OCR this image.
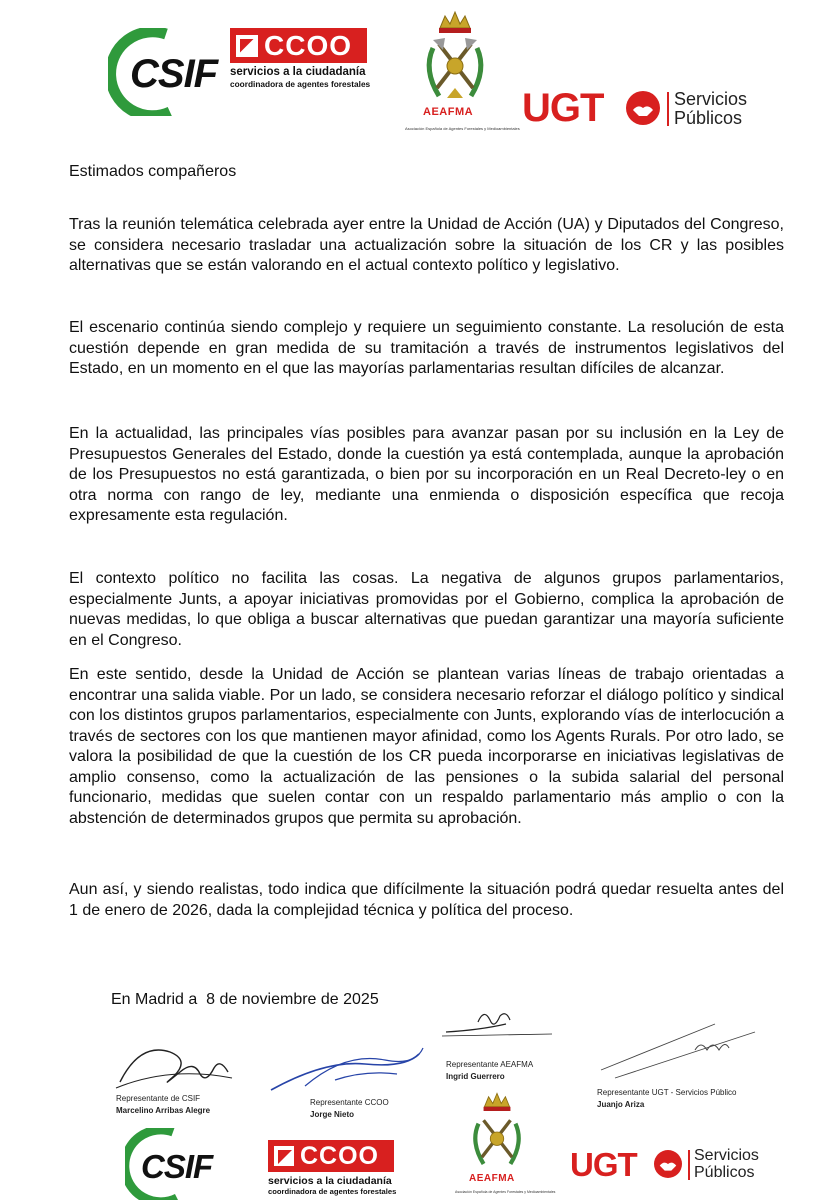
CSIF
CCOO
servicios a la ciudadanía
coordinadora de agentes forestales
AEAFMA
Asociación Española de Agentes Forestales y Medioambientales UGT	Servicios
Públicos
Estimados compañeros

Tras la reunión telemática celebrada ayer entre la Unidad de Acción (UA) y Diputados del Congreso, se considera necesario trasladar una actualización sobre la situación de los CR y las posibles alternativas que se están valorando en el actual contexto político y legislativo.

El escenario continúa siendo complejo y requiere un seguimiento constante. La resolución de esta cuestión depende en gran medida de su tramitación a través de instrumentos legislativos del Estado, en un momento en el que las mayorías parlamentarias resultan difíciles de alcanzar.

En la actualidad, las principales vías posibles para avanzar pasan por su inclusión en la Ley de Presupuestos Generales del Estado, donde la cuestión ya está contemplada, aunque la aprobación de los Presupuestos no está garantizada, o bien por su incorporación en un Real Decreto-ley o en otra norma con rango de ley, mediante una enmienda o disposición específica que recoja expresamente esta regulación.

El contexto político no facilita las cosas. La negativa de algunos grupos parlamentarios, especialmente Junts, a apoyar iniciativas promovidas por el Gobierno, complica la aprobación de nuevas medidas, lo que obliga a buscar alternativas que puedan garantizar una mayoría suficiente en el Congreso.

En este sentido, desde la Unidad de Acción se plantean varias líneas de trabajo orientadas a encontrar una salida viable. Por un lado, se considera necesario reforzar el diálogo político y sindical con los distintos grupos parlamentarios, especialmente con Junts, explorando vías de interlocución a través de sectores con los que mantienen mayor afinidad, como los Agents Rurals. Por otro lado, se valora la posibilidad de que la cuestión de los CR pueda incorporarse en iniciativas legislativas de amplio consenso, como la actualización de las pensiones o la subida salarial del personal funcionario, medidas que suelen contar con un respaldo parlamentario más amplio o con la abstención de determinados grupos que permita su aprobación.

Aun así, y siendo realistas, todo indica que difícilmente la situación podrá quedar resuelta antes del 1 de enero de 2026, dada la complejidad técnica y política del proceso.

En Madrid a  8 de noviembre de 2025
Representante de CSIF
Marcelino Arribas Alegre
Representante CCOO
Jorge Nieto
Representante AEAFMA
Ingrid Guerrero
Representante UGT - Servicios Público
Juanjo Ariza
CSIF	CCOO
servicios a la ciudadanía
coordinadora de agentes forestales
AEAFMA
Asociación Española de Agentes Forestales y Medioambientales
UGT	Servicios
Públicos
